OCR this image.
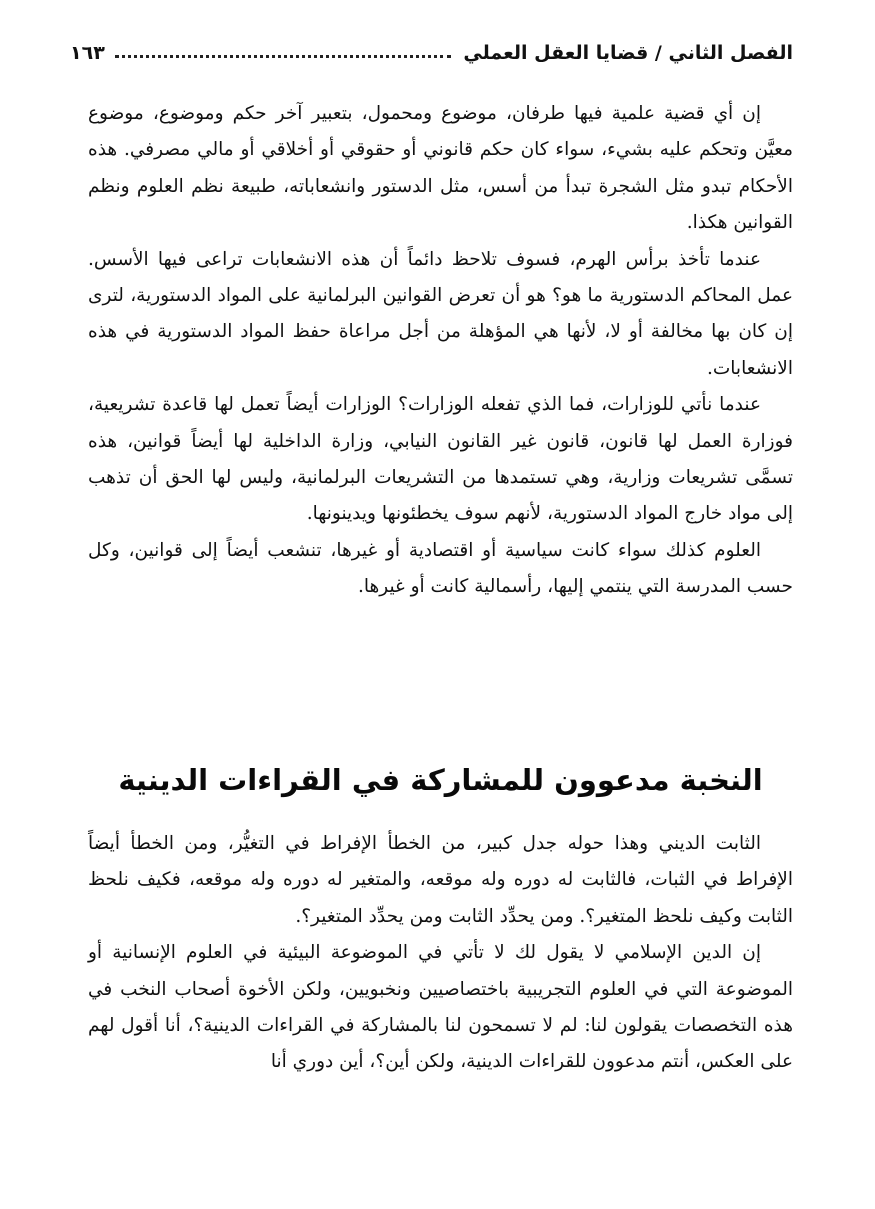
الفصل الثاني / قضايا العقل العملي
١٦٣

إن أي قضية علمية فيها طرفان، موضوع ومحمول، بتعبير آخر حكم وموضوع، موضوع معيَّن وتحكم عليه بشيء، سواء كان حكم قانوني أو حقوقي أو أخلاقي أو مالي مصرفي. هذه الأحكام تبدو مثل الشجرة تبدأ من أسس، مثل الدستور وانشعاباته، طبيعة نظم العلوم ونظم القوانين هكذا.

عندما تأخذ برأس الهرم، فسوف تلاحظ دائماً أن هذه الانشعابات تراعى فيها الأسس. عمل المحاكم الدستورية ما هو؟ هو أن تعرض القوانين البرلمانية على المواد الدستورية، لترى إن كان بها مخالفة أو لا، لأنها هي المؤهلة من أجل مراعاة حفظ المواد الدستورية في هذه الانشعابات.

عندما نأتي للوزارات، فما الذي تفعله الوزارات؟ الوزارات أيضاً تعمل لها قاعدة تشريعية، فوزارة العمل لها قانون، قانون غير القانون النيابي، وزارة الداخلية لها أيضاً قوانين، هذه تسمَّى تشريعات وزارية، وهي تستمدها من التشريعات البرلمانية، وليس لها الحق أن تذهب إلى مواد خارج المواد الدستورية، لأنهم سوف يخطئونها ويدينونها.

العلوم كذلك سواء كانت سياسية أو اقتصادية أو غيرها، تنشعب أيضاً إلى قوانين، وكل حسب المدرسة التي ينتمي إليها، رأسمالية كانت أو غيرها.

النخبة مدعوون للمشاركة في القراءات الدينية

الثابت الديني وهذا حوله جدل كبير، من الخطأ الإفراط في التغيُّر، ومن الخطأ أيضاً الإفراط في الثبات، فالثابت له دوره وله موقعه، والمتغير له دوره وله موقعه، فكيف نلحظ الثابت وكيف نلحظ المتغير؟. ومن يحدِّد الثابت ومن يحدِّد المتغير؟.

إن الدين الإسلامي لا يقول لك لا تأتي في الموضوعة البيئية في العلوم الإنسانية أو الموضوعة التي في العلوم التجريبية باختصاصيين ونخبويين، ولكن الأخوة أصحاب النخب في هذه التخصصات يقولون لنا: لم لا تسمحون لنا بالمشاركة في القراءات الدينية؟، أنا أقول لهم على العكس، أنتم مدعوون للقراءات الدينية، ولكن أين؟، أين دوري أنا
